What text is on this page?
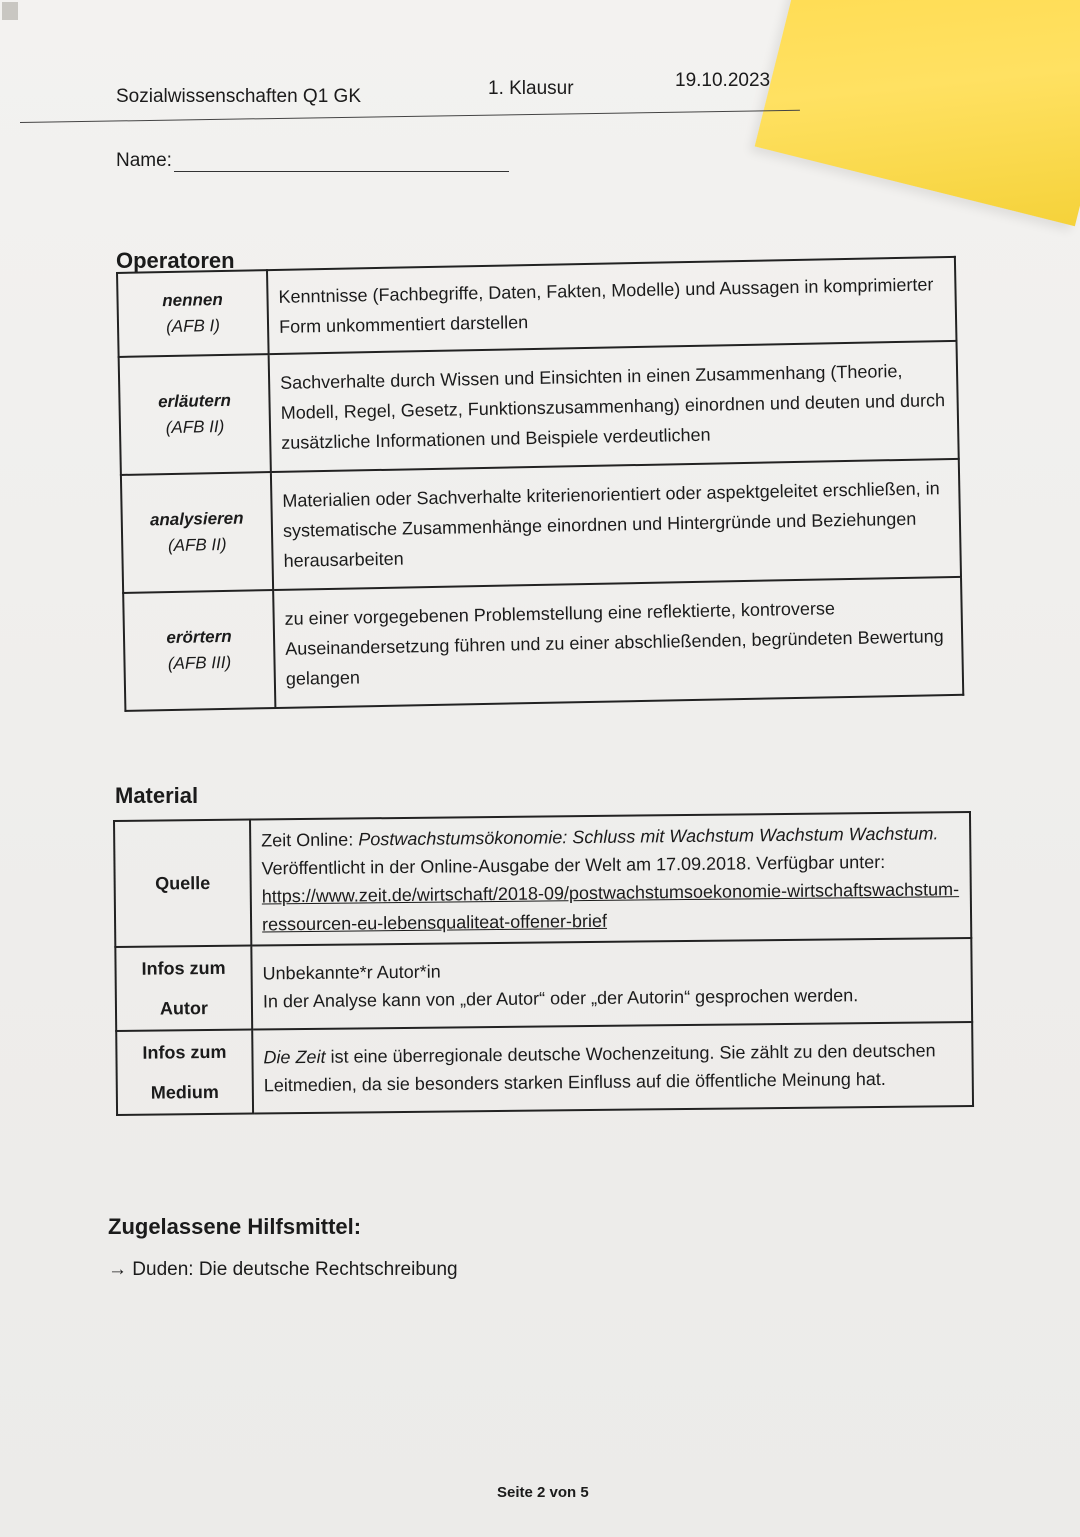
Sozialwissenschaften Q1 GK	1. Klausur	19.10.2023
Name:
Operatoren
nennen
(AFB I)	Kenntnisse (Fachbegriffe, Daten, Fakten, Modelle) und Aussagen in komprimierter Form unkommentiert darstellen
erläutern
(AFB II)	Sachverhalte durch Wissen und Einsichten in einen Zusammenhang (Theorie, Modell, Regel, Gesetz, Funktionszusammenhang) einordnen und deuten und durch zusätzliche Informationen und Beispiele verdeutlichen
analysieren
(AFB II)	Materialien oder Sachverhalte kriterienorientiert oder aspektgeleitet erschließen, in systematische Zusammenhänge einordnen und Hintergründe und Beziehungen herausarbeiten
erörtern
(AFB III)	zu einer vorgegebenen Problemstellung eine reflektierte, kontroverse Auseinandersetzung führen und zu einer abschließenden, begründeten Bewertung gelangen
Material
Quelle	Zeit Online: Postwachstumsökonomie: Schluss mit Wachstum Wachstum Wachstum.
Veröffentlicht in der Online-Ausgabe der Welt am 17.09.2018. Verfügbar unter:
https://www.zeit.de/wirtschaft/2018-09/postwachstumsoekonomie-wirtschaftswachstum-ressourcen-eu-lebensqualiteat-offener-brief
Infos zum
Autor	Unbekannte*r Autor*in
In der Analyse kann von „der Autor“ oder „der Autorin“ gesprochen werden.
Infos zum
Medium	Die Zeit ist eine überregionale deutsche Wochenzeitung. Sie zählt zu den deutschen Leitmedien, da sie besonders starken Einfluss auf die öffentliche Meinung hat.
Zugelassene Hilfsmittel:
→ Duden: Die deutsche Rechtschreibung
Seite 2 von 5
